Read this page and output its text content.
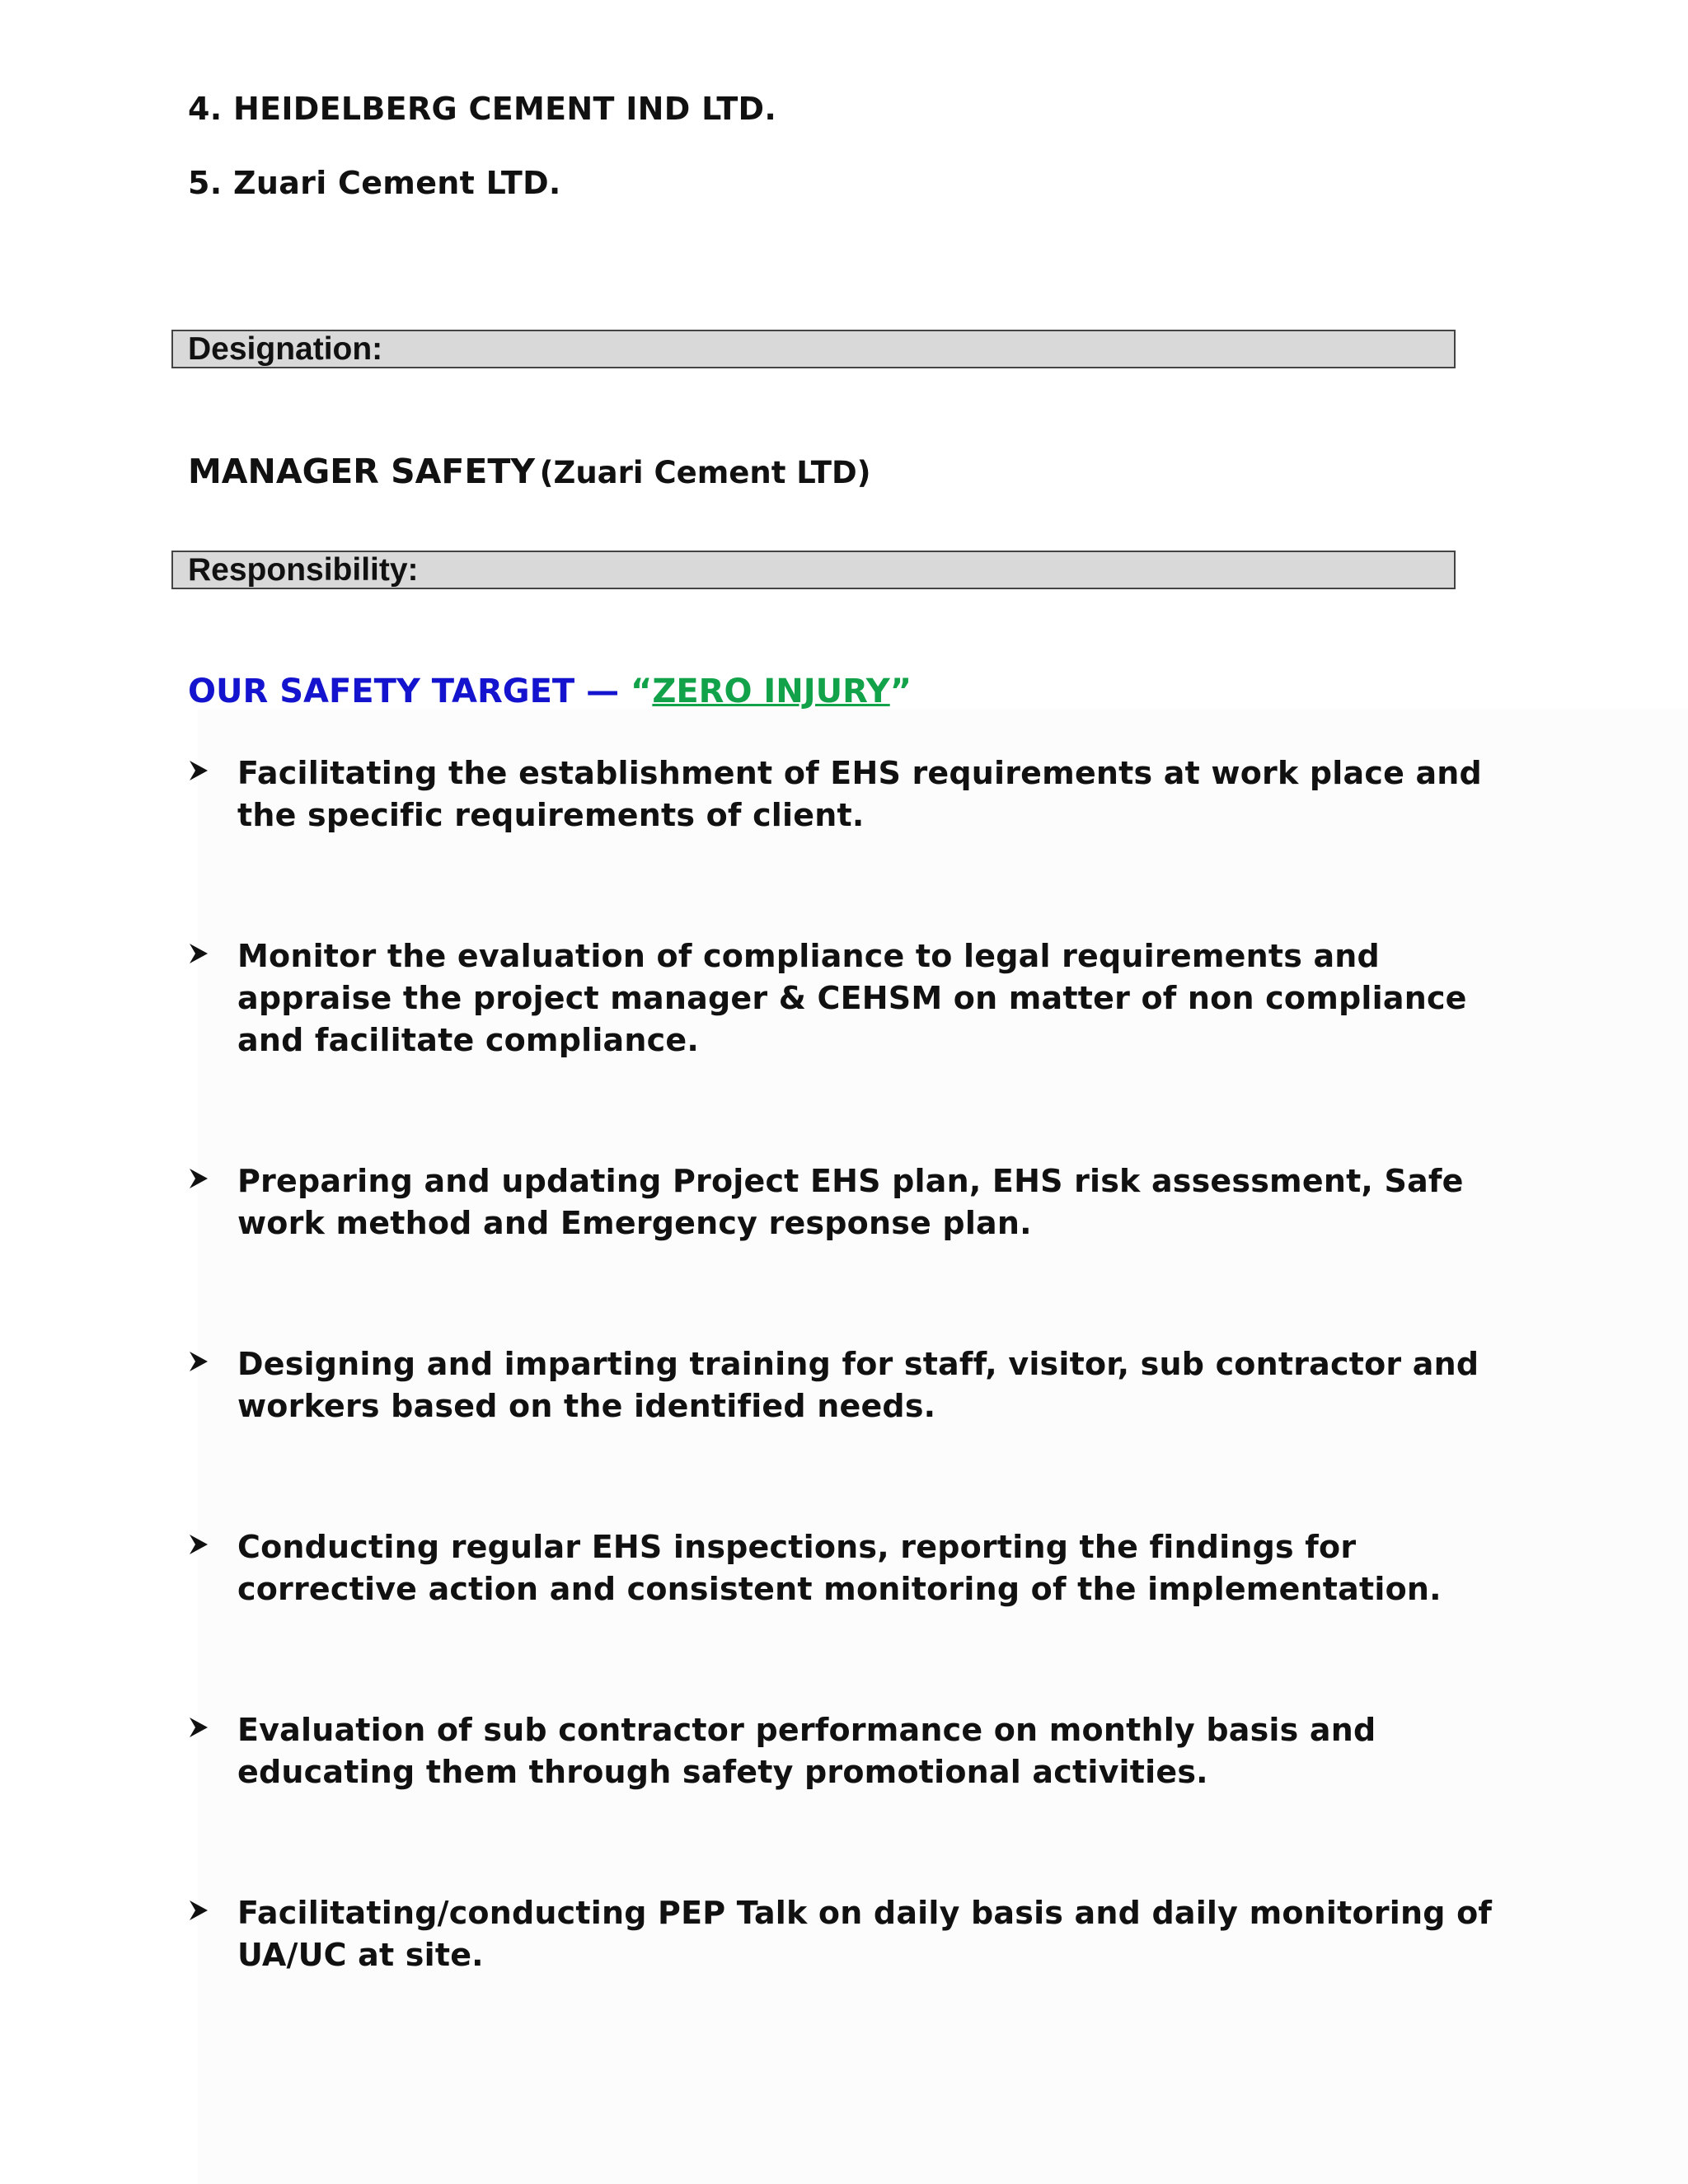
4. HEIDELBERG CEMENT IND LTD.

5. Zuari Cement LTD.

Designation:

MANAGER SAFETY (Zuari Cement LTD)

Responsibility:

OUR SAFETY TARGET — “ZERO INJURY”

Facilitating the establishment of EHS requirements at work place and the specific requirements of client.

Monitor the evaluation of compliance to legal requirements and appraise the project manager & CEHSM on matter of non compliance and facilitate compliance.

Preparing and updating Project EHS plan, EHS risk assessment, Safe work method and Emergency response plan.

Designing and imparting training for staff, visitor, sub contractor and workers based on the identified needs.

Conducting regular EHS inspections, reporting the findings for corrective action and consistent monitoring of the implementation.

Evaluation of sub contractor performance on monthly basis and educating them through safety promotional activities.

Facilitating/conducting PEP Talk on daily basis and daily monitoring of UA/UC at site.
